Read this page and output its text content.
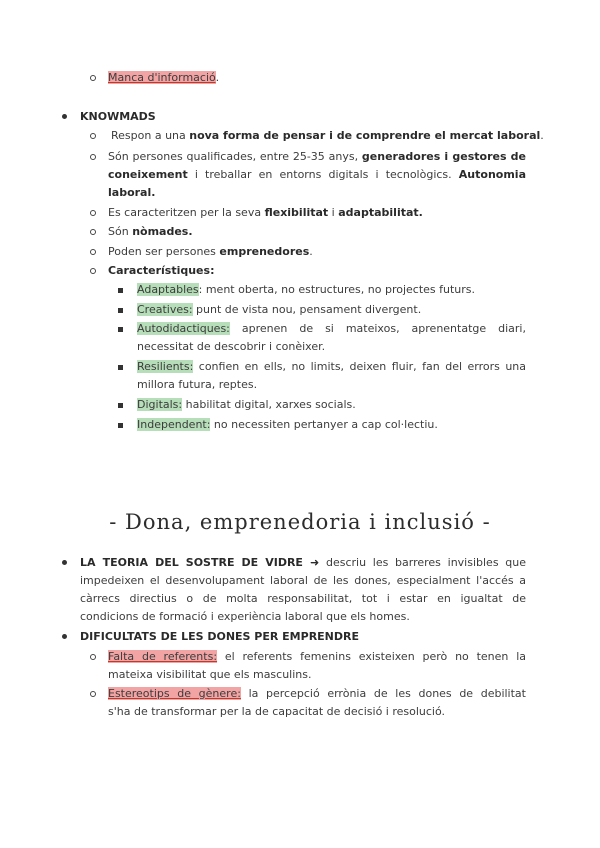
Manca d'informació.
KNOWMADS
Respon a una nova forma de pensar i de comprendre el mercat laboral.
Són persones qualificades, entre 25-35 anys, generadores i gestores de
coneixement i treballar en entorns digitals i tecnològics. Autonomia
laboral.
Es caracteritzen per la seva flexibilitat i adaptabilitat.
Són nòmades.
Poden ser persones emprenedores.
Característiques:
Adaptables: ment oberta, no estructures, no projectes futurs.
Creatives: punt de vista nou, pensament divergent.
Autodidactiques: aprenen de si mateixos, aprenentatge diari,
necessitat de descobrir i conèixer.
Resilients: confien en ells, no limits, deixen fluir, fan del errors una
millora futura, reptes.
Digitals: habilitat digital, xarxes socials.
Independent: no necessiten pertanyer a cap col·lectiu.
- Dona, emprenedoria i inclusió -
LA TEORIA DEL SOSTRE DE VIDRE ➜ descriu les barreres invisibles que
impedeixen el desenvolupament laboral de les dones, especialment l'accés a
càrrecs directius o de molta responsabilitat, tot i estar en igualtat de
condicions de formació i experiència laboral que els homes.
DIFICULTATS DE LES DONES PER EMPRENDRE
Falta de referents: el referents femenins existeixen però no tenen la
mateixa visibilitat que els masculins.
Estereotips de gènere: la percepció errònia de les dones de debilitat
s'ha de transformar per la de capacitat de decisió i resolució.
